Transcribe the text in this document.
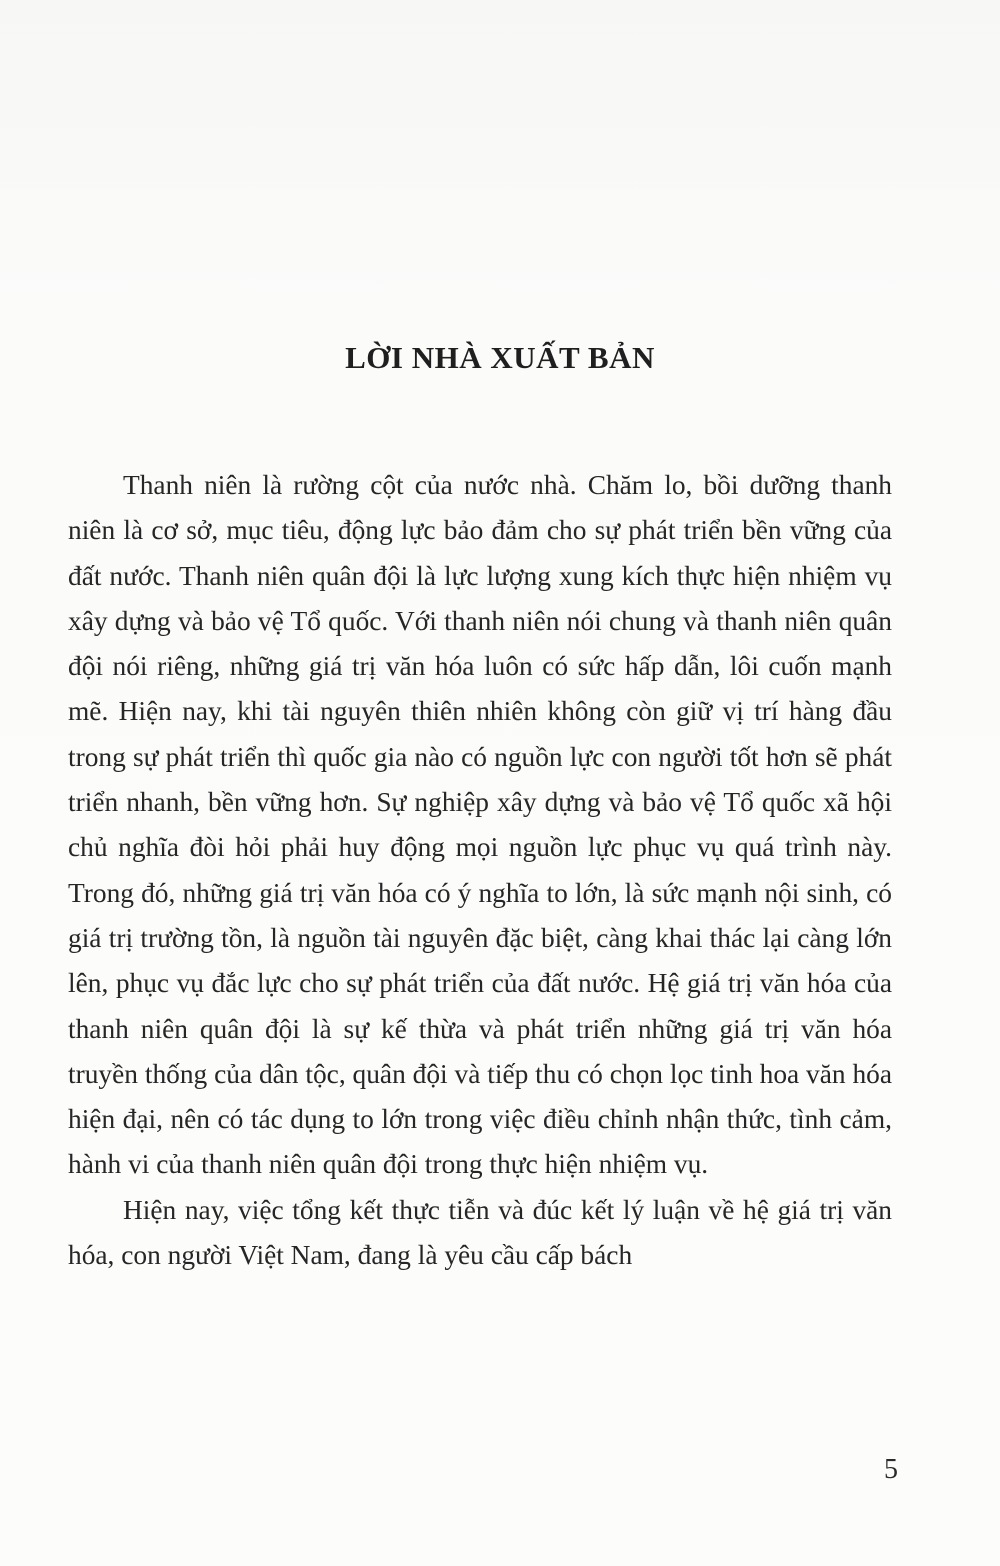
LỜI NHÀ XUẤT BẢN

Thanh niên là rường cột của nước nhà. Chăm lo, bồi dưỡng thanh niên là cơ sở, mục tiêu, động lực bảo đảm cho sự phát triển bền vững của đất nước. Thanh niên quân đội là lực lượng xung kích thực hiện nhiệm vụ xây dựng và bảo vệ Tổ quốc. Với thanh niên nói chung và thanh niên quân đội nói riêng, những giá trị văn hóa luôn có sức hấp dẫn, lôi cuốn mạnh mẽ. Hiện nay, khi tài nguyên thiên nhiên không còn giữ vị trí hàng đầu trong sự phát triển thì quốc gia nào có nguồn lực con người tốt hơn sẽ phát triển nhanh, bền vững hơn. Sự nghiệp xây dựng và bảo vệ Tổ quốc xã hội chủ nghĩa đòi hỏi phải huy động mọi nguồn lực phục vụ quá trình này. Trong đó, những giá trị văn hóa có ý nghĩa to lớn, là sức mạnh nội sinh, có giá trị trường tồn, là nguồn tài nguyên đặc biệt, càng khai thác lại càng lớn lên, phục vụ đắc lực cho sự phát triển của đất nước. Hệ giá trị văn hóa của thanh niên quân đội là sự kế thừa và phát triển những giá trị văn hóa truyền thống của dân tộc, quân đội và tiếp thu có chọn lọc tinh hoa văn hóa hiện đại, nên có tác dụng to lớn trong việc điều chỉnh nhận thức, tình cảm, hành vi của thanh niên quân đội trong thực hiện nhiệm vụ.

Hiện nay, việc tổng kết thực tiễn và đúc kết lý luận về hệ giá trị văn hóa, con người Việt Nam, đang là yêu cầu cấp bách

5
